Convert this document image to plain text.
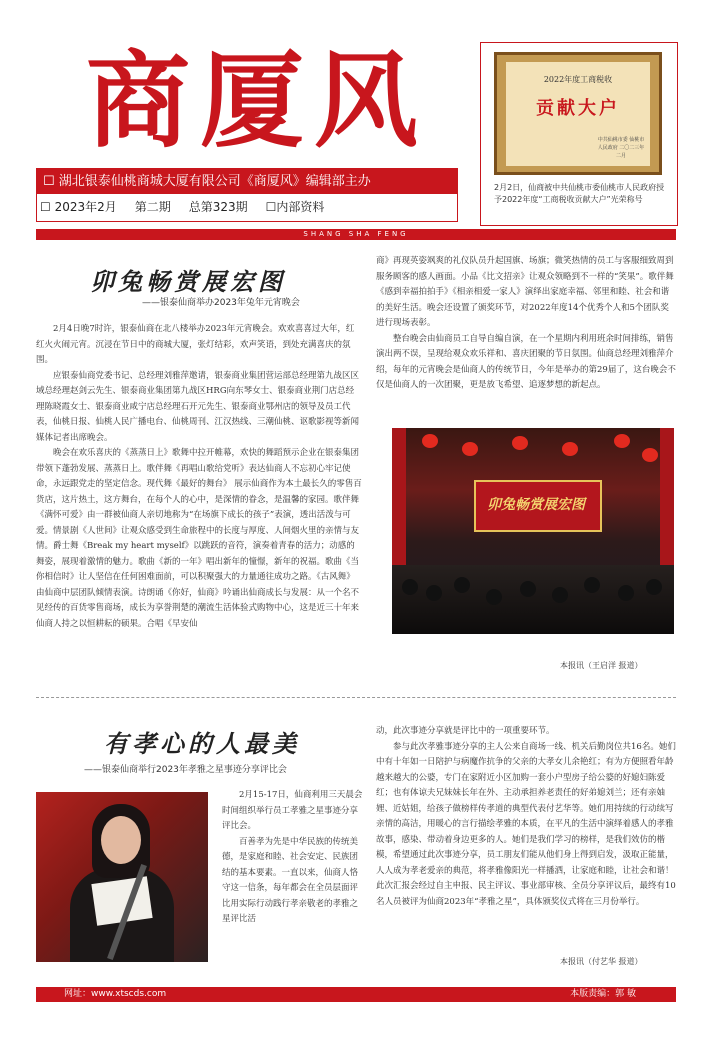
商 厦 风
☐ 湖北银泰仙桃商城大厦有限公司《商厦风》编辑部主办
☐ 2023年2月 第二期 总第323期 ☐内部资料
2022年度工商税收
贡献大户
中共仙桃市委 仙桃市人民政府 二〇二三年二月
2月2日，仙商被中共仙桃市委仙桃市人民政府授予2022年度“工商税收贡献大户”光荣称号
SHANG SHA FENG
卯兔畅赏展宏图
——银泰仙商举办2023年兔年元宵晚会

2月4日晚7时许，银泰仙商在北八楼举办2023年元宵晚会。欢欢喜喜过大年，红红火火闹元宵。沉浸在节日中的商城大厦，张灯结彩，欢声笑语，到处充满喜庆的氛围。

应银泰仙商党委书记、总经理刘雅萍邀请，银泰商业集团营运部总经理第九战区区域总经理赵剑云先生、银泰商业集团第九战区HRG向东琴女士、银泰商业荆门店总经理陈晓霞女士、银泰商业咸宁店总经理石开元先生、银泰商业鄂州店的领导及员工代表，仙桃日报、仙桃人民广播电台、仙桃周刊、江汉热线、三潮仙桃、讴歌影视等新闻媒体记者出席晚会。

晚会在欢乐喜庆的《蒸蒸日上》歌舞中拉开帷幕，欢快的舞蹈预示企业在银泰集团带领下蓬勃发展、蒸蒸日上。歌伴舞《再唱山歌给党听》表达仙商人不忘初心牢记使命，永远跟党走的坚定信念。现代舞《最好的舞台》 展示仙商作为本土最长久的零售百货店，这片热土，这方舞台，在每个人的心中，是深情的眷念，是温馨的家园。歌伴舞《满怀可爱》由一群被仙商人亲切地称为“在场旗下成长的孩子”表演，透出活泼与可爱。情景剧《人世间》让观众感受到生命旅程中的长度与厚度、人间烟火里的亲情与友情。爵士舞《Break my heart myself》以跳跃的音符，演奏着青春的活力；动感的舞姿，展现着激情的魅力。歌曲《新的一年》唱出新年的憧憬，新年的祝福。歌曲《当你相信时》让人坚信在任何困难面前，可以积聚强大的力量通往成功之路。《古风舞》由仙商中层团队倾情表演。诗朗诵《你好，仙商》吟诵出仙商成长与发展：从一个名不见经传的百货零售商场，成长为享誉荆楚的潮流生活体验式购物中心，这是近三十年来仙商人持之以恒耕耘的硕果。合唱《早安仙

商》再现英姿飒爽的礼仪队员升起国旗、场旗；微笑热情的员工与客服细致周到服务顾客的感人画面。小品《比文招亲》让观众领略到不一样的“笑果”。歌伴舞《感到幸福拍拍手》《相亲相爱一家人》演绎出家庭幸福、邻里和睦、社会和谐的美好生活。晚会还设置了颁奖环节，对2022年度14个优秀个人和5个团队奖进行现场表彰。

整台晚会由仙商员工自导自编自演，在一个星期内利用班余时间排练，销售演出两不误，呈现给观众欢乐祥和、喜庆团聚的节日氛围。仙商总经理刘雅萍介绍，每年的元宵晚会是仙商人的传统节日，今年是举办的第29届了，这台晚会不仅是仙商人的一次团聚，更是放飞希望、追逐梦想的新起点。

卯兔畅赏展宏图
本报讯（王启洋 报道）
有孝心的人最美
——银泰仙商举行2023年孝雅之星事迹分享评比会

2月15-17日，仙商利用三天晨会时间组织举行员工孝雅之星事迹分享评比会。

百善孝为先是中华民族的传统美德，是家庭和睦、社会安定、民族团结的基本要素。一直以来，仙商人恪守这一信条，每年都会在全员层面评比用实际行动践行孝亲敬老的孝雅之星评比活

动，此次事迹分享就是评比中的一项重要环节。

参与此次孝雅事迹分享的主人公来自商场一线、机关后勤岗位共16名。她们中有十年如一日陪护与病魔作抗争的父亲的大孝女儿余艳红；有为方便照看年龄越来越大的公婆，专门在家附近小区加购一套小户型房子给公婆的好媳妇陈爱红；也有体谅夫兄妹妹长年在外、主动承担养老责任的好弟媳刘兰；还有亲妯娌、近姑姐，给孩子做榜样传孝道的典型代表付艺华等。她们用持续的行动续写亲情的高洁，用暖心的言行描绘孝雅的本质，在平凡的生活中演绎着感人的孝雅故事，感染、带动着身边更多的人。她们是我们学习的榜样，是我们效仿的楷模，希望通过此次事迹分享，员工朋友们能从他们身上得到启发，汲取正能量，人人成为孝老爱亲的典范，将孝雅像阳光一样播洒，让家庭和睦，让社会和谐！此次汇报会经过自主申报、民主评议、事业部审核、全员分享评议后，最终有10名人员被评为仙商2023年“孝雅之星”，具体颁奖仪式将在三月份举行。

本报讯（付艺华 报道）
网址：www.xtscds.com	本版责编：郭 敏
